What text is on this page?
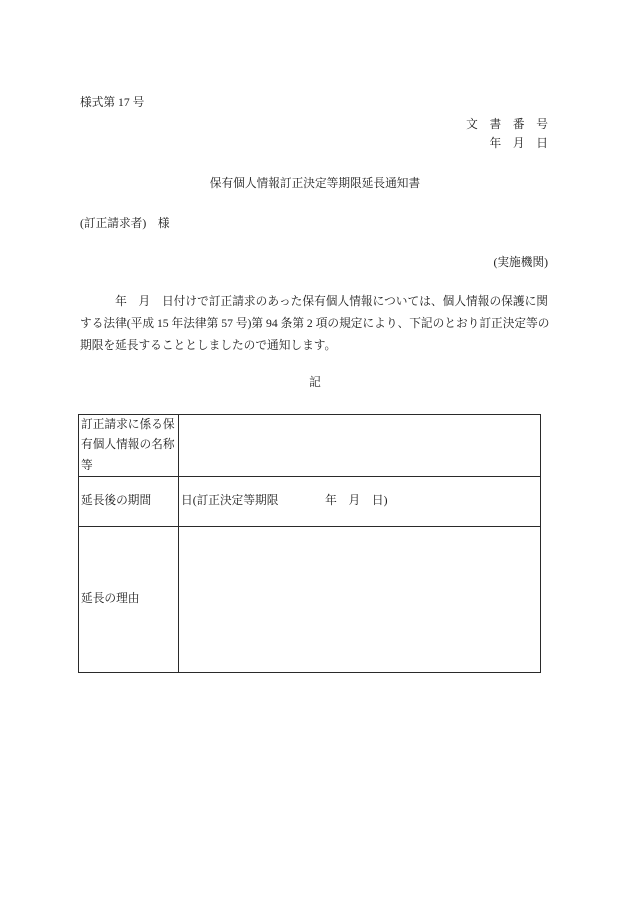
様式第 17 号
文　書　番　号
年　月　日
保有個人情報訂正決定等期限延長通知書
(訂正請求者)　様
(実施機関)
　　　年　月　日付けで訂正請求のあった保有個人情報については、個人情報の保護に関
する法律(平成 15 年法律第 57 号)第 94 条第 2 項の規定により、下記のとおり訂正決定等の
期限を延長することとしましたので通知します。
記
訂正請求に係る保有個人情報の名称等	
延長後の期間	日(訂正決定等期限　　　　年　月　日)
延長の理由	
